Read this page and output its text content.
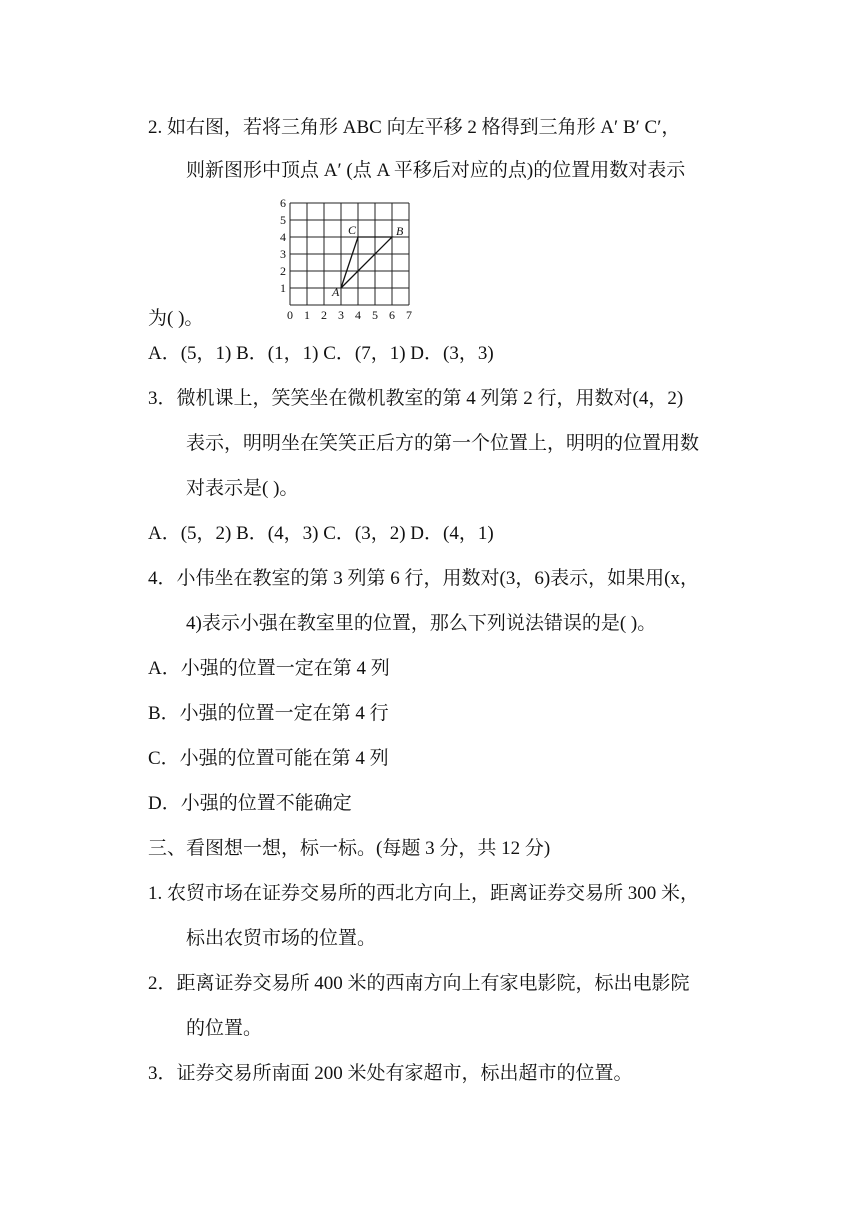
2. 如右图，若将三角形 ABC 向左平移 2 格得到三角形 A′ B′ C′，
则新图形中顶点 A′ (点 A 平移后对应的点)的位置用数对表示
0 1 2 3 4 5 6 7
1
2
3
4
5
6
A
B
C
为( )。
A．(5，1) B．(1，1) C．(7，1) D．(3，3)
3．微机课上，笑笑坐在微机教室的第 4 列第 2 行，用数对(4，2)
表示，明明坐在笑笑正后方的第一个位置上，明明的位置用数
对表示是( )。
A．(5，2) B．(4，3) C．(3，2) D．(4，1)
4．小伟坐在教室的第 3 列第 6 行，用数对(3，6)表示，如果用(x，
4)表示小强在教室里的位置，那么下列说法错误的是( )。
A．小强的位置一定在第 4 列
B．小强的位置一定在第 4 行
C．小强的位置可能在第 4 列
D．小强的位置不能确定
三、看图想一想，标一标。(每题 3 分，共 12 分)
1. 农贸市场在证券交易所的西北方向上，距离证券交易所 300 米，
标出农贸市场的位置。
2．距离证券交易所 400 米的西南方向上有家电影院，标出电影院
的位置。
3．证券交易所南面 200 米处有家超市，标出超市的位置。
